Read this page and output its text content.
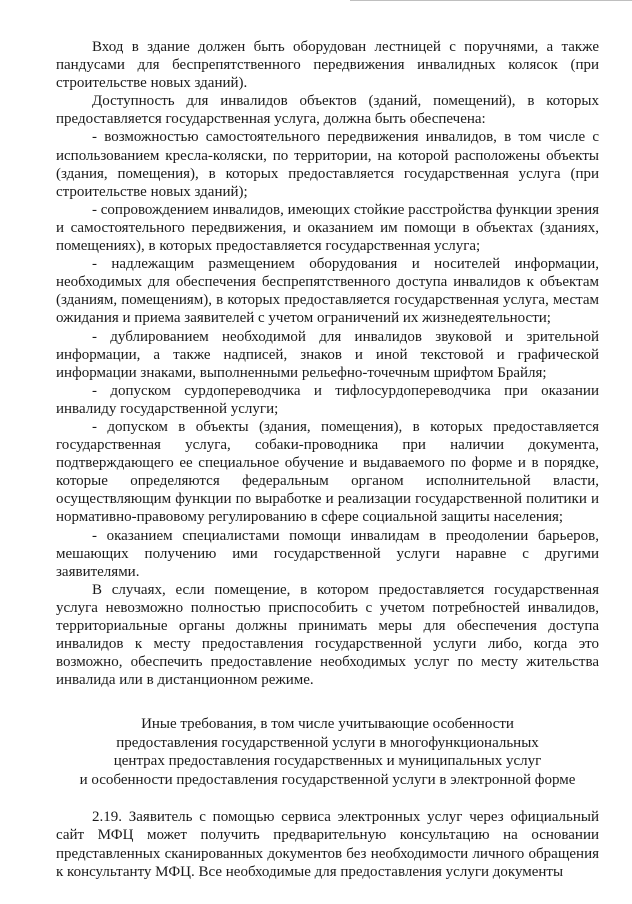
Вход в здание должен быть оборудован лестницей с поручнями, а также пандусами для беспрепятственного передвижения инвалидных колясок (при строительстве новых зданий).

Доступность для инвалидов объектов (зданий, помещений), в которых предоставляется государственная услуга, должна быть обеспечена:

- возможностью самостоятельного передвижения инвалидов, в том числе с использованием кресла-коляски, по территории, на которой расположены объекты (здания, помещения), в которых предоставляется государственная услуга (при строительстве новых зданий);

- сопровождением инвалидов, имеющих стойкие расстройства функции зрения и самостоятельного передвижения, и оказанием им помощи в объектах (зданиях, помещениях), в которых предоставляется государственная услуга;

- надлежащим размещением оборудования и носителей информации, необходимых для обеспечения беспрепятственного доступа инвалидов к объектам (зданиям, помещениям), в которых предоставляется государственная услуга, местам ожидания и приема заявителей с учетом ограничений их жизнедеятельности;

- дублированием необходимой для инвалидов звуковой и зрительной информации, а также надписей, знаков и иной текстовой и графической информации знаками, выполненными рельефно-точечным шрифтом Брайля;

- допуском сурдопереводчика и тифлосурдопереводчика при оказании инвалиду государственной услуги;

- допуском в объекты (здания, помещения), в которых предоставляется государственная услуга, собаки-проводника при наличии документа, подтверждающего ее специальное обучение и выдаваемого по форме и в порядке, которые определяются федеральным органом исполнительной власти, осуществляющим функции по выработке и реализации государственной политики и нормативно-правовому регулированию в сфере социальной защиты населения;

- оказанием специалистами помощи инвалидам в преодолении барьеров, мешающих получению ими государственной услуги наравне с другими заявителями.

В случаях, если помещение, в котором предоставляется государственная услуга невозможно полностью приспособить с учетом потребностей инвалидов, территориальные органы должны принимать меры для обеспечения доступа инвалидов к месту предоставления государственной услуги либо, когда это возможно, обеспечить предоставление необходимых услуг по месту жительства инвалида или в дистанционном режиме.

Иные требования, в том числе учитывающие особенности
предоставления государственной услуги в многофункциональных
центрах предоставления государственных и муниципальных услуг
и особенности предоставления государственной услуги в электронной форме

2.19. Заявитель с помощью сервиса электронных услуг через официальный сайт МФЦ может получить предварительную консультацию на основании представленных сканированных документов без необходимости личного обращения к консультанту МФЦ. Все необходимые для предоставления услуги документы
